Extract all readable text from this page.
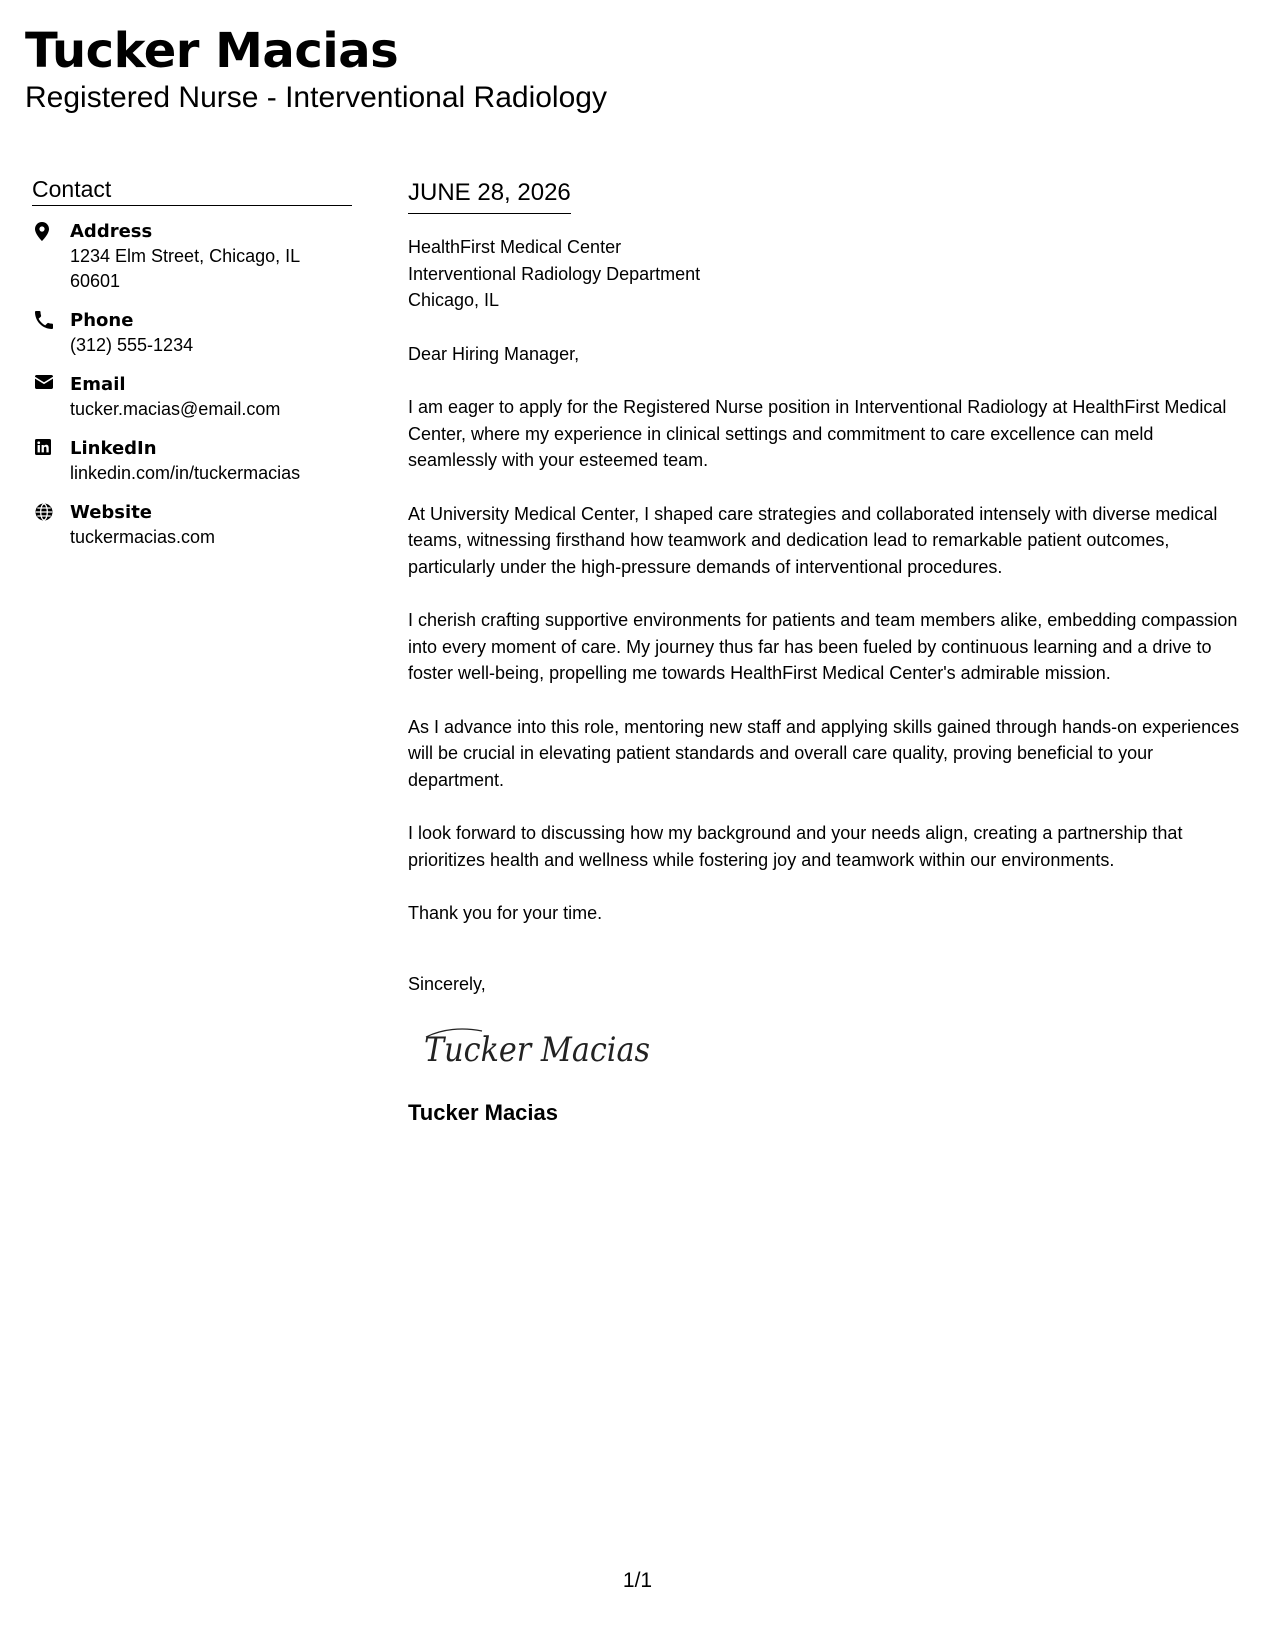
Tucker Macias
Registered Nurse - Interventional Radiology
Contact
Address
1234 Elm Street, Chicago, IL 60601
Phone
(312) 555-1234
Email
tucker.macias@email.com
LinkedIn
linkedin.com/in/tuckermacias
Website
tuckermacias.com
JUNE 28, 2026
HealthFirst Medical Center
Interventional Radiology Department
Chicago, IL

Dear Hiring Manager,

I am eager to apply for the Registered Nurse position in Interventional Radiology at HealthFirst Medical Center, where my experience in clinical settings and commitment to care excellence can meld seamlessly with your esteemed team.

At University Medical Center, I shaped care strategies and collaborated intensely with diverse medical teams, witnessing firsthand how teamwork and dedication lead to remarkable patient outcomes, particularly under the high-pressure demands of interventional procedures.

I cherish crafting supportive environments for patients and team members alike, embedding compassion into every moment of care. My journey thus far has been fueled by continuous learning and a drive to foster well-being, propelling me towards HealthFirst Medical Center's admirable mission.

As I advance into this role, mentoring new staff and applying skills gained through hands-on experiences will be crucial in elevating patient standards and overall care quality, proving beneficial to your department.

I look forward to discussing how my background and your needs align, creating a partnership that prioritizes health and wellness while fostering joy and teamwork within our environments.

Thank you for your time.

Sincerely,
Tucker Macias
Tucker Macias
1/1
